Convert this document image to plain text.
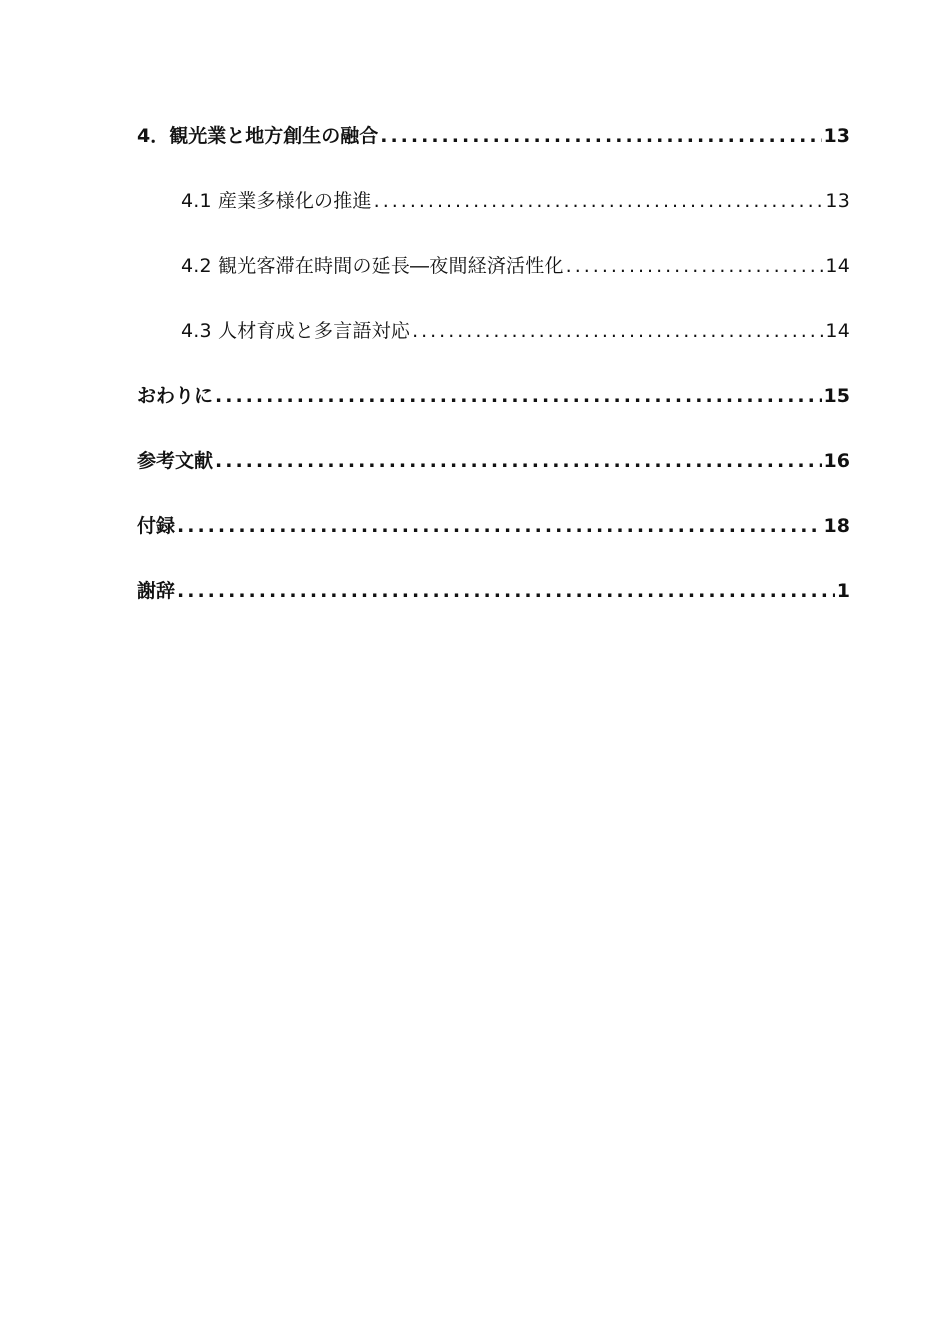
4．観光業と地方創生の融合 .....	13
4.1 産業多様化の推進 .....	13
4.2 観光客滞在時間の延長―夜間経済活性化 .....	14
4.3 人材育成と多言語対応 .....	14
おわりに .....	15
参考文献 .....	16
付録 .....	18
謝辞 .....	1
